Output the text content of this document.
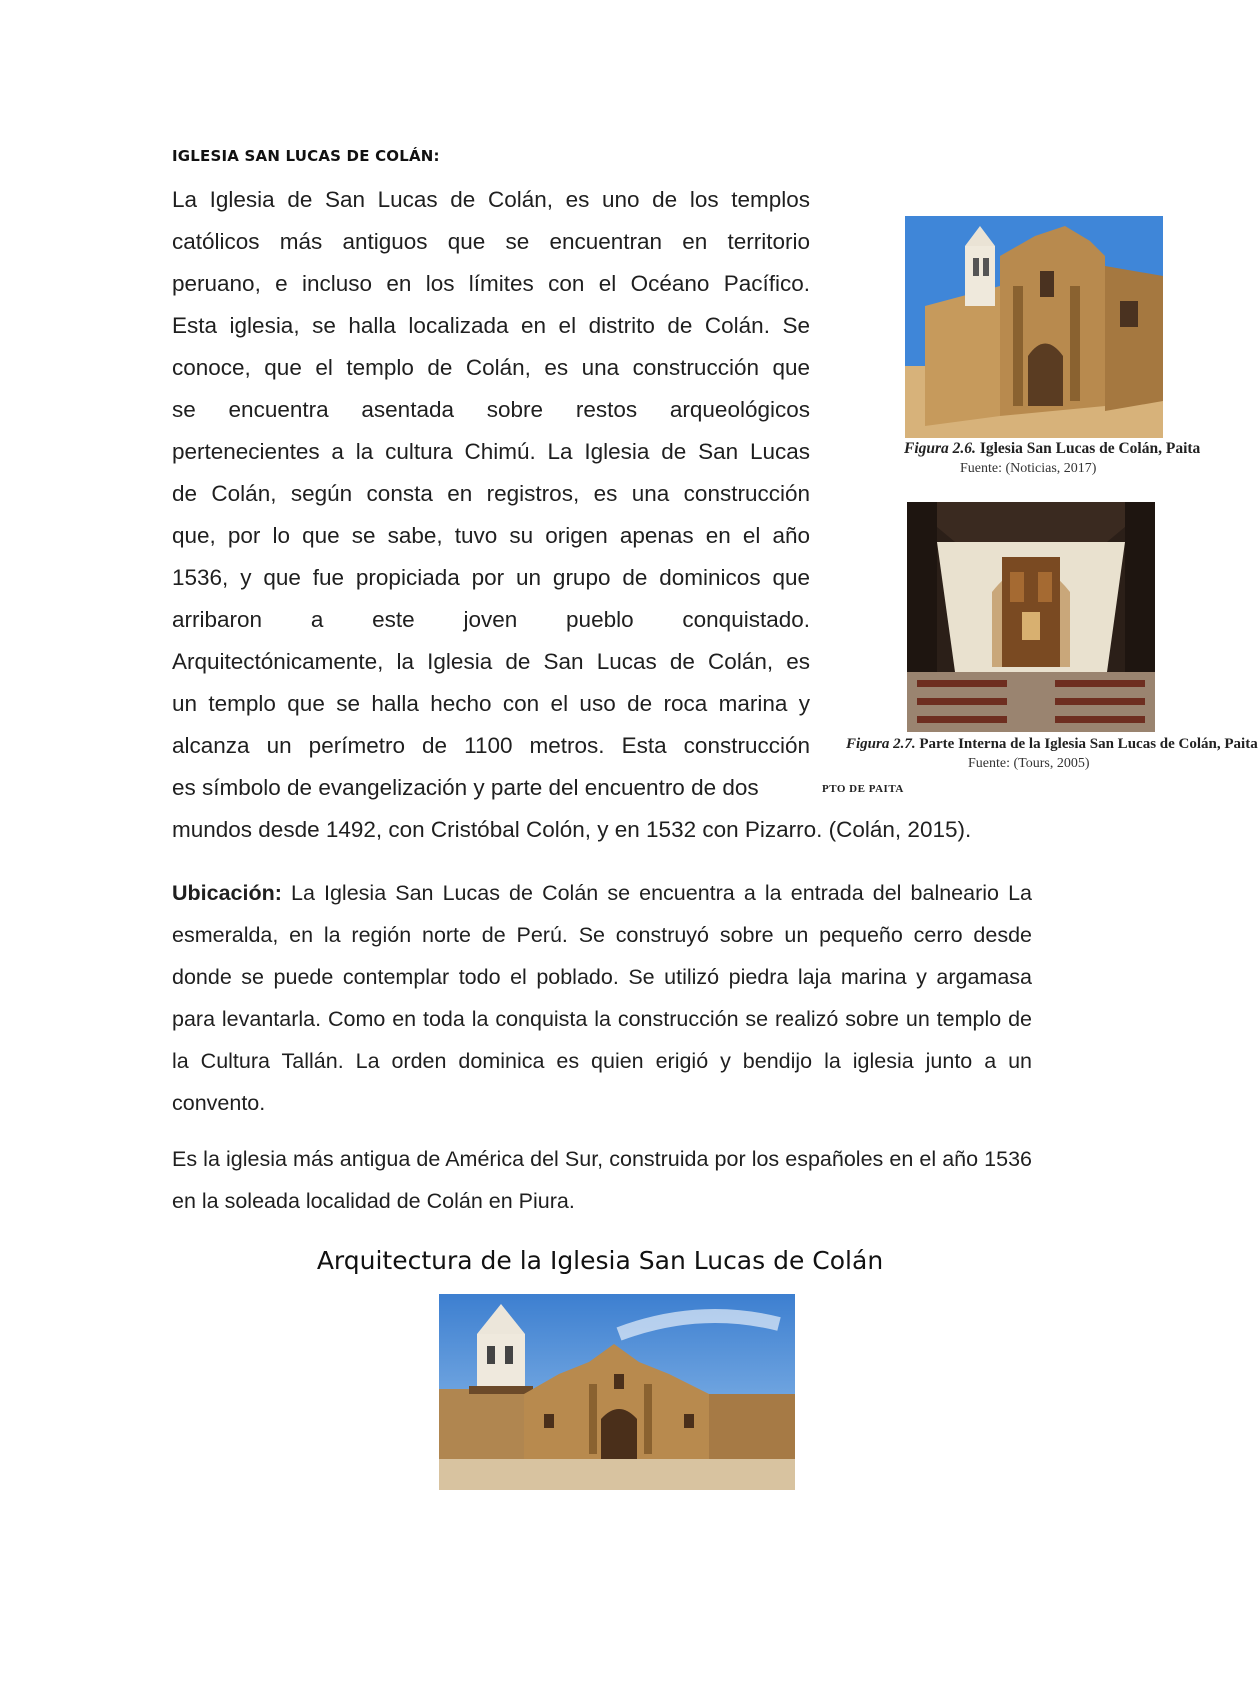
IGLESIA SAN LUCAS DE COLÁN:
La Iglesia de San Lucas de Colán, es uno de los templos
católicos más antiguos que se encuentran en territorio
peruano, e incluso en los límites con el Océano Pacífico.
Esta iglesia, se halla localizada en el distrito de Colán. Se
conoce, que el templo de Colán, es una construcción que
se encuentra asentada sobre restos arqueológicos
pertenecientes a la cultura Chimú. La Iglesia de San Lucas
de Colán, según consta en registros, es una construcción
que, por lo que se sabe, tuvo su origen apenas en el año
1536, y que fue propiciada por un grupo de dominicos que
arribaron a este joven pueblo conquistado.
Arquitectónicamente, la Iglesia de San Lucas de Colán, es
un templo que se halla hecho con el uso de roca marina y
alcanza un perímetro de 1100 metros. Esta construcción
es símbolo de evangelización y parte del encuentro de dos
mundos desde 1492, con Cristóbal Colón, y en 1532 con Pizarro. (Colán, 2015).
Ubicación: La Iglesia San Lucas de Colán se encuentra a la entrada del balneario La esmeralda, en la región norte de Perú. Se construyó sobre un pequeño cerro desde donde se puede contemplar todo el poblado. Se utilizó piedra laja marina y argamasa para levantarla. Como en toda la conquista la construcción se realizó sobre un templo de la Cultura Tallán. La orden dominica es quien erigió y bendijo la iglesia junto a un convento.
Es la iglesia más antigua de América del Sur, construida por los españoles en el año 1536 en la soleada localidad de Colán en Piura.
Arquitectura de la Iglesia San Lucas de Colán
Figura 2.6. Iglesia San Lucas de Colán, Paita
Fuente: (Noticias, 2017)
Figura 2.7. Parte Interna de la Iglesia San Lucas de Colán, Paita
Fuente: (Tours, 2005)
PTO DE PAITA
